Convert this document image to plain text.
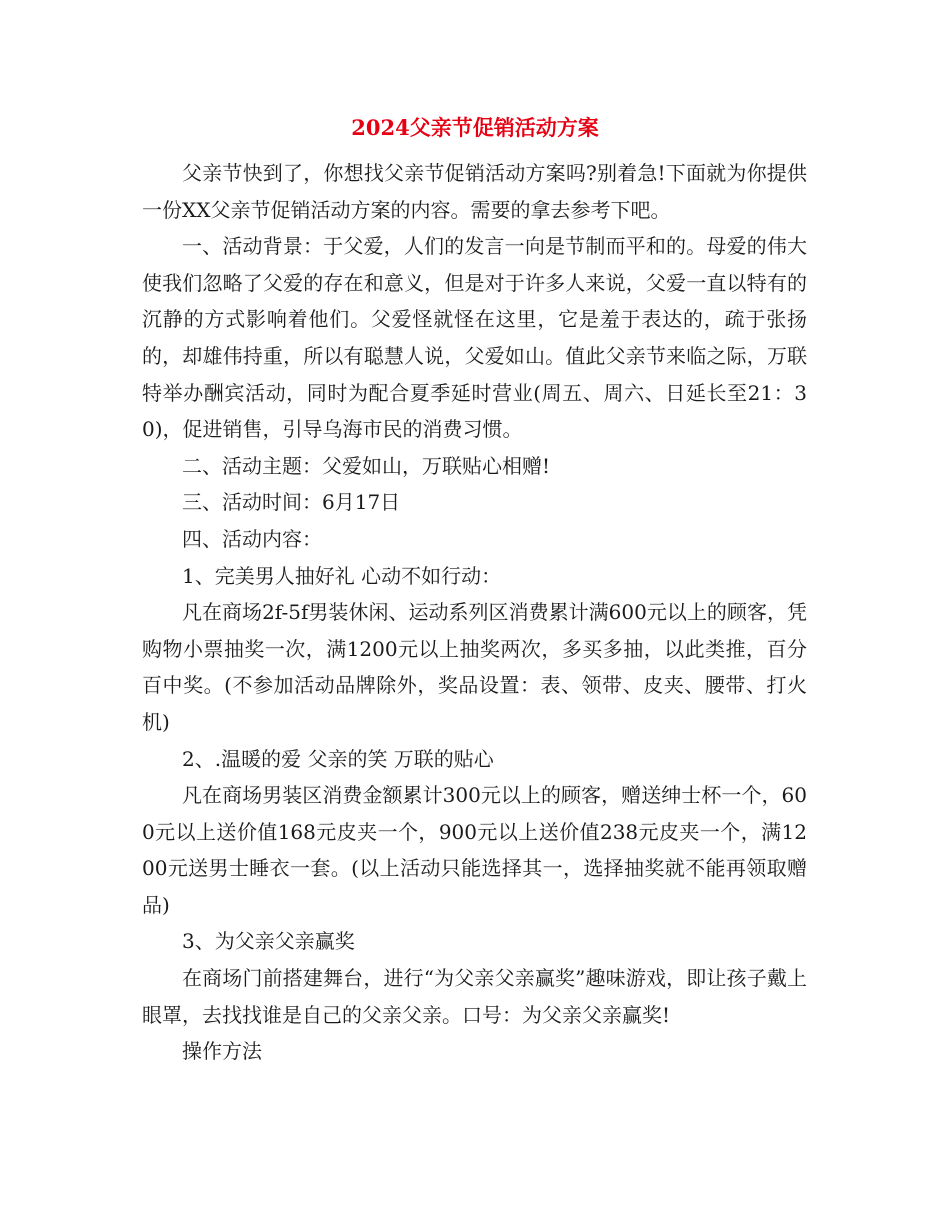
2024父亲节促销活动方案

父亲节快到了，你想找父亲节促销活动方案吗?别着急!下面就为你提供一份XX父亲节促销活动方案的内容。需要的拿去参考下吧。

一、活动背景：于父爱，人们的发言一向是节制而平和的。母爱的伟大使我们忽略了父爱的存在和意义，但是对于许多人来说，父爱一直以特有的沉静的方式影响着他们。父爱怪就怪在这里，它是羞于表达的，疏于张扬的，却雄伟持重，所以有聪慧人说，父爱如山。值此父亲节来临之际，万联特举办酬宾活动，同时为配合夏季延时营业(周五、周六、日延长至21：30)，促进销售，引导乌海市民的消费习惯。

二、活动主题：父爱如山，万联贴心相赠!

三、活动时间：6月17日

四、活动内容：

1、完美男人抽好礼 心动不如行动：

凡在商场2f-5f男装休闲、运动系列区消费累计满600元以上的顾客，凭购物小票抽奖一次，满1200元以上抽奖两次，多买多抽，以此类推，百分百中奖。(不参加活动品牌除外，奖品设置：表、领带、皮夹、腰带、打火机)

2、.温暖的爱 父亲的笑 万联的贴心

凡在商场男装区消费金额累计300元以上的顾客，赠送绅士杯一个，600元以上送价值168元皮夹一个，900元以上送价值238元皮夹一个，满1200元送男士睡衣一套。(以上活动只能选择其一，选择抽奖就不能再领取赠品)

3、为父亲父亲赢奖

在商场门前搭建舞台，进行“为父亲父亲赢奖”趣味游戏，即让孩子戴上眼罩，去找找谁是自己的父亲父亲。口号：为父亲父亲赢奖!

操作方法
